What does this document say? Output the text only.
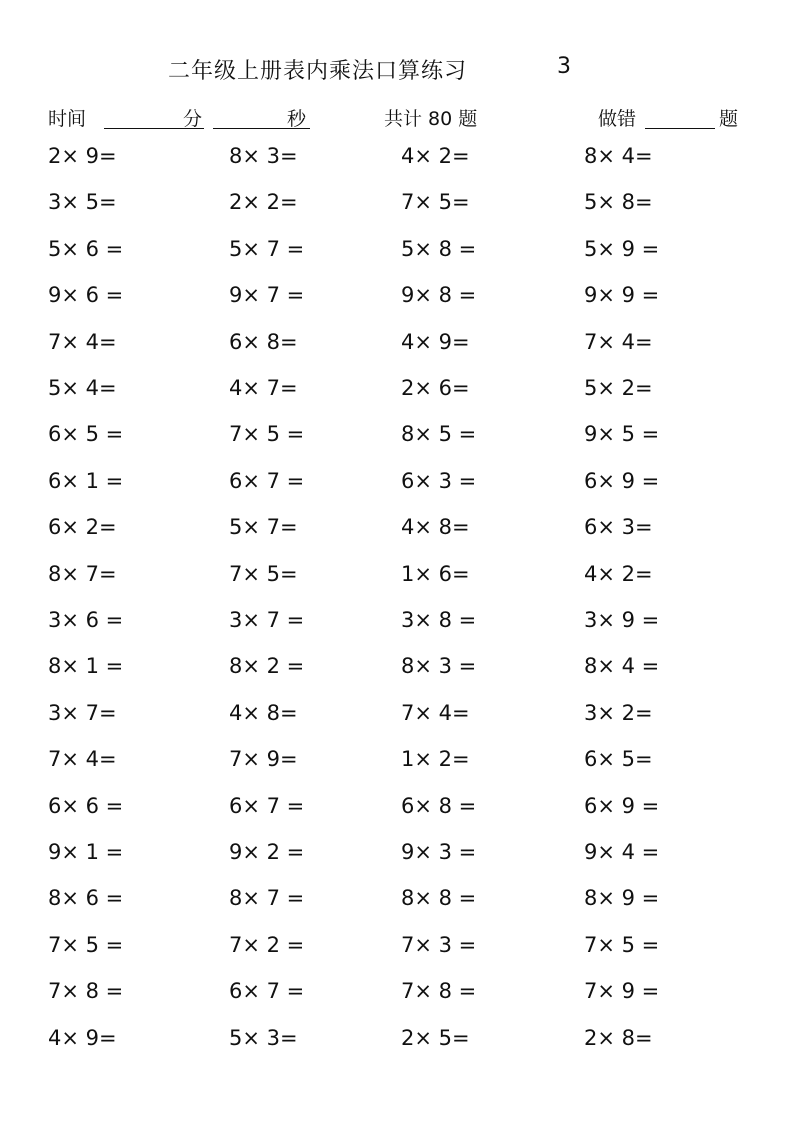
二年级上册表内乘法口算练习	3
时间	分	秒	共计 80 题	做错	题
2× 9=	8× 3=	4× 2=	8× 4=
3× 5=	2× 2=	7× 5=	5× 8=
5× 6 =	5× 7 =	5× 8 =	5× 9 =
9× 6 =	9× 7 =	9× 8 =	9× 9 =
7× 4=	6× 8=	4× 9=	7× 4=
5× 4=	4× 7=	2× 6=	5× 2=
6× 5 =	7× 5 =	8× 5 =	9× 5 =
6× 1 =	6× 7 =	6× 3 =	6× 9 =
6× 2=	5× 7=	4× 8=	6× 3=
8× 7=	7× 5=	1× 6=	4× 2=
3× 6 =	3× 7 =	3× 8 =	3× 9 =
8× 1 =	8× 2 =	8× 3 =	8× 4 =
3× 7=	4× 8=	7× 4=	3× 2=
7× 4=	7× 9=	1× 2=	6× 5=
6× 6 =	6× 7 =	6× 8 =	6× 9 =
9× 1 =	9× 2 =	9× 3 =	9× 4 =
8× 6 =	8× 7 =	8× 8 =	8× 9 =
7× 5 =	7× 2 =	7× 3 =	7× 5 =
7× 8 =	6× 7 =	7× 8 =	7× 9 =
4× 9=	5× 3=	2× 5=	2× 8=
